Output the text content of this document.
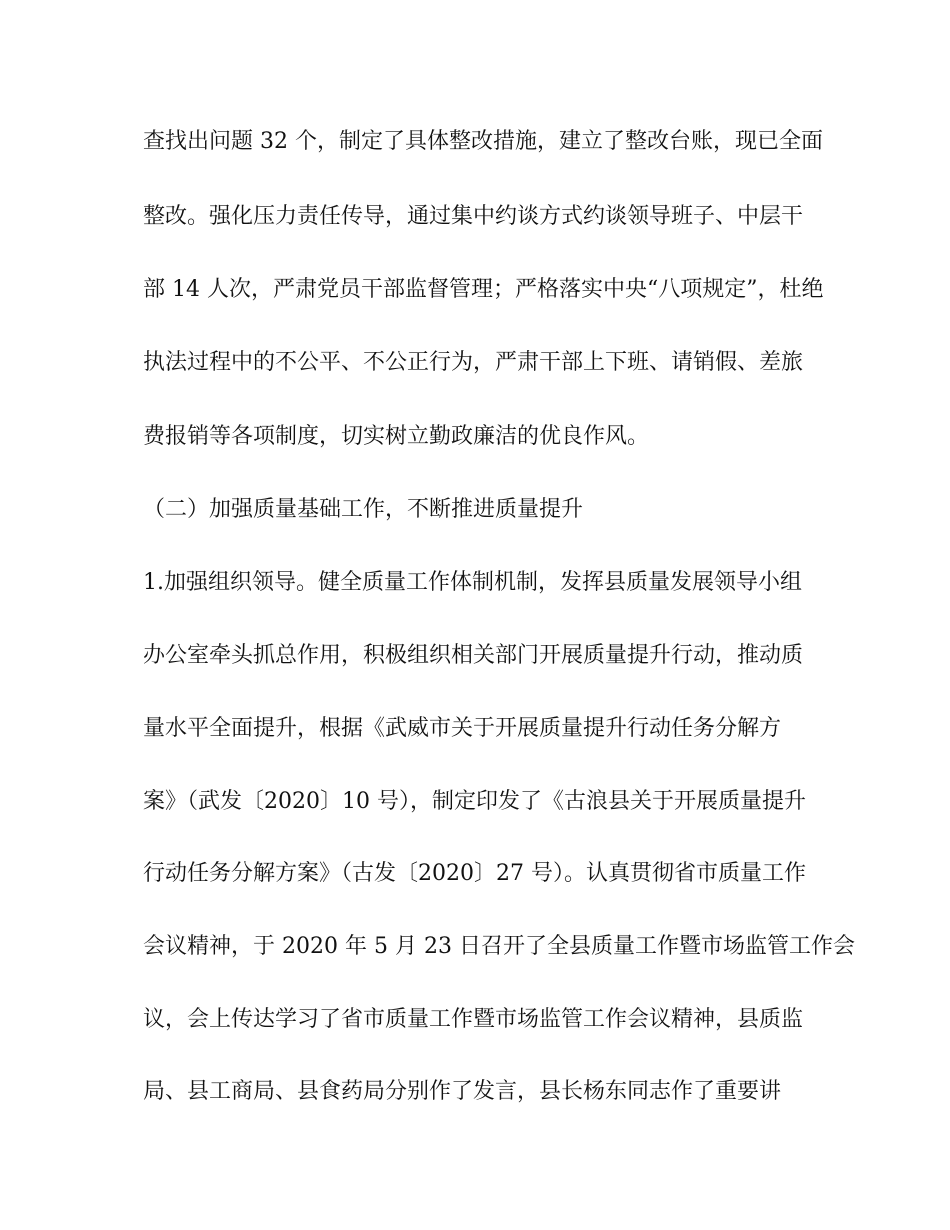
查找出问题 32 个，制定了具体整改措施，建立了整改台账，现已全面
整改。强化压力责任传导，通过集中约谈方式约谈领导班子、中层干
部 14 人次，严肃党员干部监督管理；严格落实中央“八项规定”，杜绝
执法过程中的不公平、不公正行为，严肃干部上下班、请销假、差旅
费报销等各项制度，切实树立勤政廉洁的优良作风。
（二）加强质量基础工作，不断推进质量提升
1.加强组织领导。健全质量工作体制机制，发挥县质量发展领导小组
办公室牵头抓总作用，积极组织相关部门开展质量提升行动，推动质
量水平全面提升，根据《武威市关于开展质量提升行动任务分解方
案》（武发〔2020〕10 号），制定印发了《古浪县关于开展质量提升
行动任务分解方案》（古发〔2020〕27 号）。认真贯彻省市质量工作
会议精神，于 2020 年 5 月 23 日召开了全县质量工作暨市场监管工作会
议，会上传达学习了省市质量工作暨市场监管工作会议精神，县质监
局、县工商局、县食药局分别作了发言，县长杨东同志作了重要讲
